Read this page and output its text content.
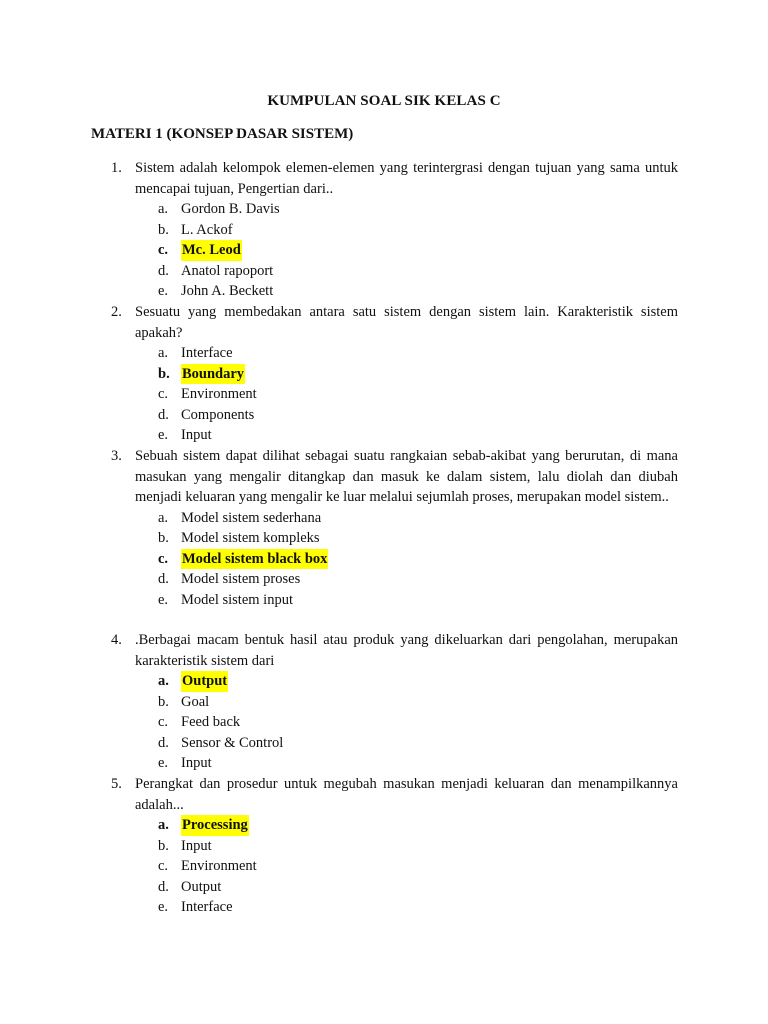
KUMPULAN SOAL SIK KELAS C
MATERI 1 (KONSEP DASAR SISTEM)
1. Sistem adalah kelompok elemen-elemen yang terintergrasi dengan tujuan yang sama untuk mencapai tujuan, Pengertian dari..
a. Gordon B. Davis
b. L. Ackof
c. Mc. Leod
d. Anatol rapoport
e. John A. Beckett
2. Sesuatu yang membedakan antara satu sistem dengan sistem lain. Karakteristik sistem apakah?
a. Interface
b. Boundary
c. Environment
d. Components
e. Input
3. Sebuah sistem dapat dilihat sebagai suatu rangkaian sebab-akibat yang berurutan, di mana masukan yang mengalir ditangkap dan masuk ke dalam sistem, lalu diolah dan diubah menjadi keluaran yang mengalir ke luar melalui sejumlah proses, merupakan model sistem..
a. Model sistem sederhana
b. Model sistem kompleks
c. Model sistem black box
d. Model sistem proses
e. Model sistem input
4. .Berbagai macam bentuk hasil atau produk yang dikeluarkan dari pengolahan, merupakan karakteristik sistem dari
a. Output
b. Goal
c. Feed back
d. Sensor & Control
e. Input
5. Perangkat dan prosedur untuk megubah masukan menjadi keluaran dan menampilkannya adalah...
a. Processing
b. Input
c. Environment
d. Output
e. Interface
